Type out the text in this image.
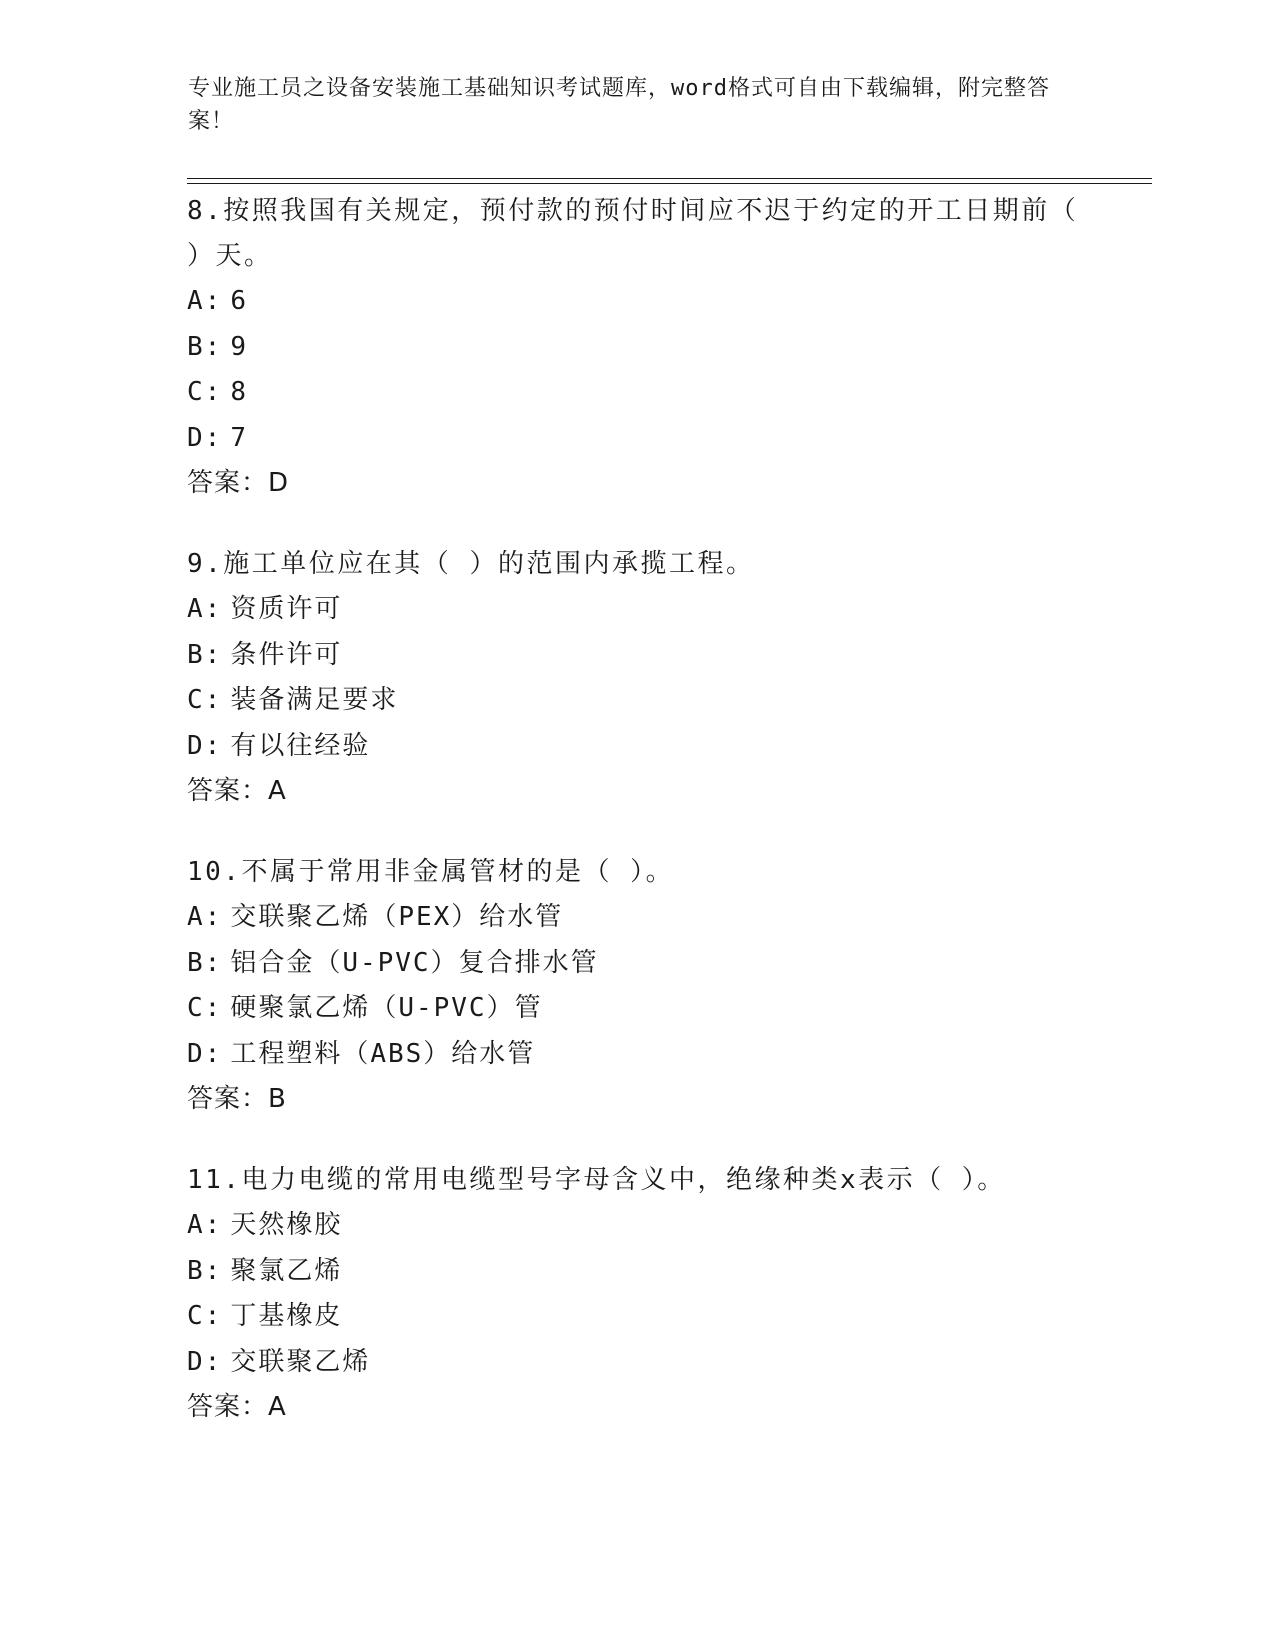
专业施工员之设备安装施工基础知识考试题库，word格式可自由下载编辑，附完整答案！
8.按照我国有关规定，预付款的预付时间应不迟于约定的开工日期前（ ）天。
A: 6
B: 9
C: 8
D: 7
答案：D
9.施工单位应在其（ ）的范围内承揽工程。
A: 资质许可
B: 条件许可
C: 装备满足要求
D: 有以往经验
答案：A
10.不属于常用非金属管材的是（ ）。
A: 交联聚乙烯（PEX）给水管
B: 铝合金（U-PVC）复合排水管
C: 硬聚氯乙烯（U-PVC）管
D: 工程塑料（ABS）给水管
答案：B
11.电力电缆的常用电缆型号字母含义中，绝缘种类x表示（ ）。
A: 天然橡胶
B: 聚氯乙烯
C: 丁基橡皮
D: 交联聚乙烯
答案：A
